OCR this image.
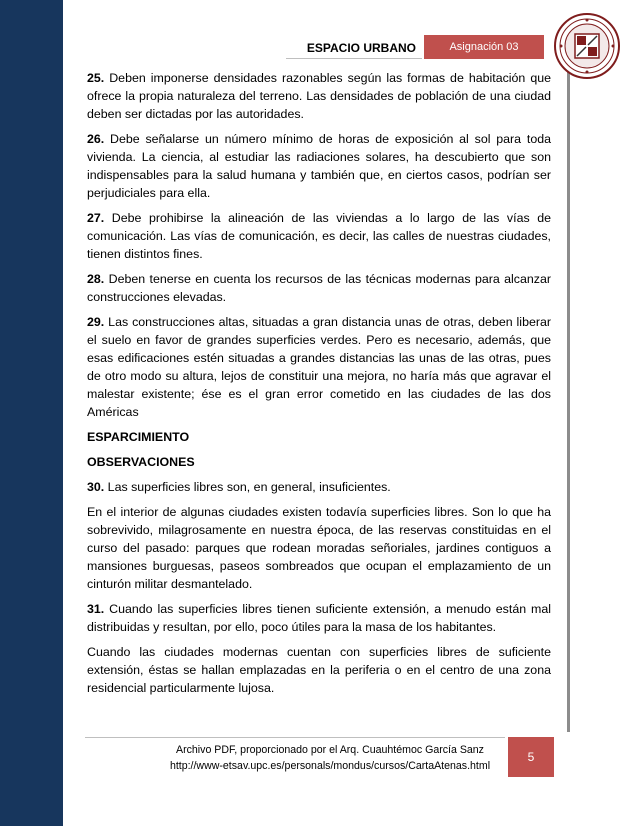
ESPACIO URBANO	Asignación 03

25. Deben imponerse densidades razonables según las formas de habitación que ofrece la propia naturaleza del terreno. Las densidades de población de una ciudad deben ser dictadas por las autoridades.

26. Debe señalarse un número mínimo de horas de exposición al sol para toda vivienda. La ciencia, al estudiar las radiaciones solares, ha descubierto que son indispensables para la salud humana y también que, en ciertos casos, podrían ser perjudiciales para ella.

27. Debe prohibirse la alineación de las viviendas a lo largo de las vías de comunicación. Las vías de comunicación, es decir, las calles de nuestras ciudades, tienen distintos fines.

28. Deben tenerse en cuenta los recursos de las técnicas modernas para alcanzar construcciones elevadas.

29. Las construcciones altas, situadas a gran distancia unas de otras, deben liberar el suelo en favor de grandes superficies verdes. Pero es necesario, además, que esas edificaciones estén situadas a grandes distancias las unas de las otras, pues de otro modo su altura, lejos de constituir una mejora, no haría más que agravar el malestar existente; ése es el gran error cometido en las ciudades de las dos Américas

ESPARCIMIENTO

OBSERVACIONES

30. Las superficies libres son, en general, insuficientes.

En el interior de algunas ciudades existen todavía superficies libres. Son lo que ha sobrevivido, milagrosamente en nuestra época, de las reservas constituidas en el curso del pasado: parques que rodean moradas señoriales, jardines contiguos a mansiones burguesas, paseos sombreados que ocupan el emplazamiento de un cinturón militar desmantelado.

31. Cuando las superficies libres tienen suficiente extensión, a menudo están mal distribuidas y resultan, por ello, poco útiles para la masa de los habitantes.

Cuando las ciudades modernas cuentan con superficies libres de suficiente extensión, éstas se hallan emplazadas en la periferia o en el centro de una zona residencial particularmente lujosa.

Archivo PDF, proporcionado por el Arq. Cuauhtémoc García Sanz
http://www-etsav.upc.es/personals/mondus/cursos/CartaAtenas.html
5
